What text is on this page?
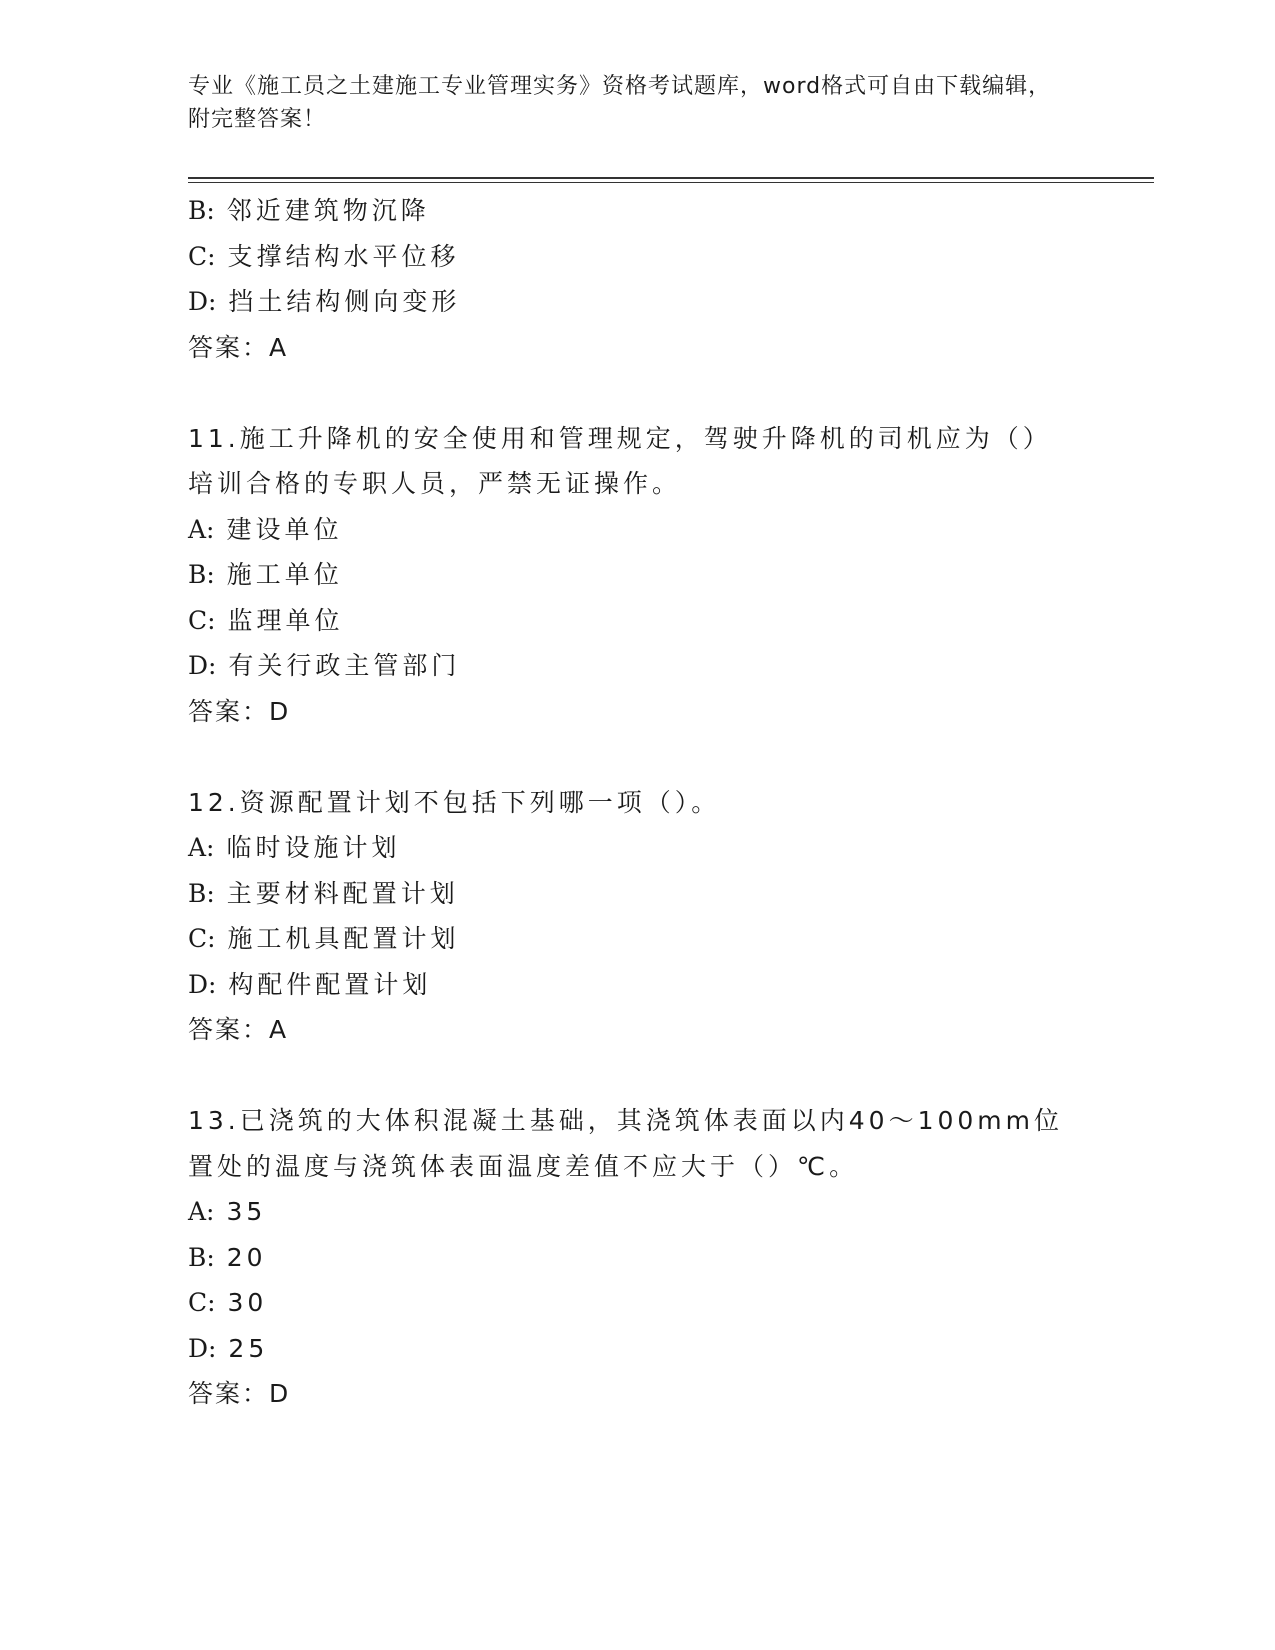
专业《施工员之土建施工专业管理实务》资格考试题库，word格式可自由下载编辑，附完整答案！
B: 邻近建筑物沉降
C: 支撑结构水平位移
D: 挡土结构侧向变形
答案：A
11.施工升降机的安全使用和管理规定，驾驶升降机的司机应为（）培训合格的专职人员，严禁无证操作。
A: 建设单位
B: 施工单位
C: 监理单位
D: 有关行政主管部门
答案：D
12.资源配置计划不包括下列哪一项（）。
A: 临时设施计划
B: 主要材料配置计划
C: 施工机具配置计划
D: 构配件配置计划
答案：A
13.已浇筑的大体积混凝土基础，其浇筑体表面以内40～100mm位置处的温度与浇筑体表面温度差值不应大于（）℃。
A: 35
B: 20
C: 30
D: 25
答案：D
